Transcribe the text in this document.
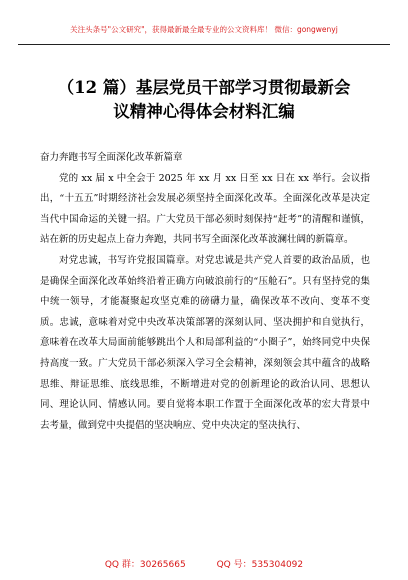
关注头条号"公文研究"，获得最新最全最专业的公文资料库！ 微信：gongwenyj
（12 篇）基层党员干部学习贯彻最新会
议精神心得体会材料汇编

奋力奔跑书写全面深化改革新篇章

党的 xx 届 x 中全会于 2025 年 xx 月 xx 日至 xx 日在 xx 举行。会议指出，“十五五”时期经济社会发展必须坚持全面深化改革。全面深化改革是决定当代中国命运的关键一招。广大党员干部必须时刻保持“赶考”的清醒和谨慎，站在新的历史起点上奋力奔跑，共同书写全面深化改革波澜壮阔的新篇章。

对党忠诚，书写许党报国篇章。对党忠诚是共产党人首要的政治品质，也是确保全面深化改革始终沿着正确方向破浪前行的“压舱石”。只有坚持党的集中统一领导，才能凝聚起攻坚克难的磅礴力量，确保改革不改向、变革不变质。忠诚，意味着对党中央改革决策部署的深刻认同、坚决拥护和自觉执行，意味着在改革大局面前能够跳出个人和局部利益的“小圈子”，始终同党中央保持高度一致。广大党员干部必须深入学习全会精神，深刻领会其中蕴含的战略思维、辩证思维、底线思维，不断增进对党的创新理论的政治认同、思想认同、理论认同、情感认同。要自觉将本职工作置于全面深化改革的宏大背景中去考量，做到党中央提倡的坚决响应、党中央决定的坚决执行、

QQ 群：30265665	QQ 号：535304092
